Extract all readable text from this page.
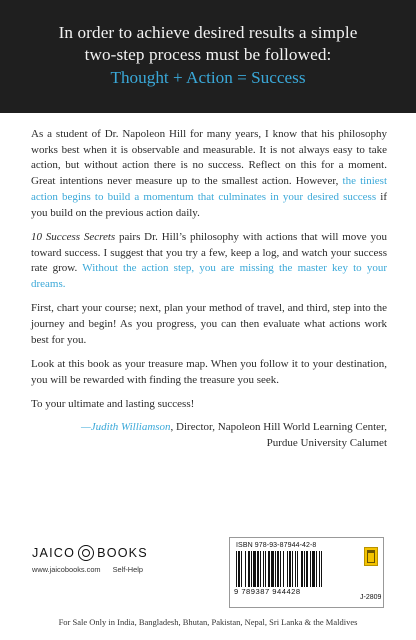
In order to achieve desired results a simple
two-step process must be followed:
Thought + Action = Success

As a student of Dr. Napoleon Hill for many years, I know that his philosophy works best when it is observable and measurable. It is not always easy to take action, but without action there is no success. Reflect on this for a moment. Great intentions never measure up to the smallest action. However, the tiniest action begins to build a momentum that culminates in your desired success if you build on the previous action daily.

10 Success Secrets pairs Dr. Hill’s philosophy with actions that will move you toward success. I suggest that you try a few, keep a log, and watch your success rate grow. Without the action step, you are missing the master key to your dreams.

First, chart your course; next, plan your method of travel, and third, step into the journey and begin! As you progress, you can then evaluate what actions work best for you.

Look at this book as your treasure map. When you follow it to your destination, you will be rewarded with finding the treasure you seek.

To your ultimate and lasting success!

—Judith Williamson, Director, Napoleon Hill World Learning Center,
Purdue University Calumet

JAICO BOOKS
www.jaicobooks.com Self-Help
ISBN 978-93-87944-42-8
9 789387 944428
J-2809
For Sale Only in India, Bangladesh, Bhutan, Pakistan, Nepal, Sri Lanka & the Maldives
